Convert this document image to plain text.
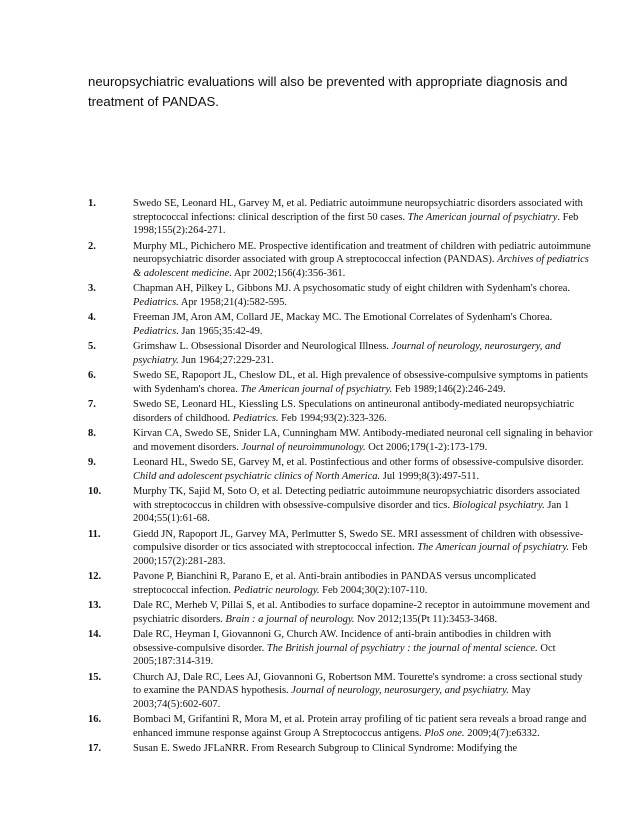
neuropsychiatric evaluations will also be prevented with appropriate diagnosis and treatment of PANDAS.

1.	Swedo SE, Leonard HL, Garvey M, et al. Pediatric autoimmune neuropsychiatric disorders associated with streptococcal infections: clinical description of the first 50 cases. The American journal of psychiatry. Feb 1998;155(2):264-271.
2.	Murphy ML, Pichichero ME. Prospective identification and treatment of children with pediatric autoimmune neuropsychiatric disorder associated with group A streptococcal infection (PANDAS). Archives of pediatrics & adolescent medicine. Apr 2002;156(4):356-361.
3.	Chapman AH, Pilkey L, Gibbons MJ. A psychosomatic study of eight children with Sydenham's chorea. Pediatrics. Apr 1958;21(4):582-595.
4.	Freeman JM, Aron AM, Collard JE, Mackay MC. The Emotional Correlates of Sydenham's Chorea. Pediatrics. Jan 1965;35:42-49.
5.	Grimshaw L. Obsessional Disorder and Neurological Illness. Journal of neurology, neurosurgery, and psychiatry. Jun 1964;27:229-231.
6.	Swedo SE, Rapoport JL, Cheslow DL, et al. High prevalence of obsessive-compulsive symptoms in patients with Sydenham's chorea. The American journal of psychiatry. Feb 1989;146(2):246-249.
7.	Swedo SE, Leonard HL, Kiessling LS. Speculations on antineuronal antibody-mediated neuropsychiatric disorders of childhood. Pediatrics. Feb 1994;93(2):323-326.
8.	Kirvan CA, Swedo SE, Snider LA, Cunningham MW. Antibody-mediated neuronal cell signaling in behavior and movement disorders. Journal of neuroimmunology. Oct 2006;179(1-2):173-179.
9.	Leonard HL, Swedo SE, Garvey M, et al. Postinfectious and other forms of obsessive-compulsive disorder. Child and adolescent psychiatric clinics of North America. Jul 1999;8(3):497-511.
10.	Murphy TK, Sajid M, Soto O, et al. Detecting pediatric autoimmune neuropsychiatric disorders associated with streptococcus in children with obsessive-compulsive disorder and tics. Biological psychiatry. Jan 1 2004;55(1):61-68.
11.	Giedd JN, Rapoport JL, Garvey MA, Perlmutter S, Swedo SE. MRI assessment of children with obsessive-compulsive disorder or tics associated with streptococcal infection. The American journal of psychiatry. Feb 2000;157(2):281-283.
12.	Pavone P, Bianchini R, Parano E, et al. Anti-brain antibodies in PANDAS versus uncomplicated streptococcal infection. Pediatric neurology. Feb 2004;30(2):107-110.
13.	Dale RC, Merheb V, Pillai S, et al. Antibodies to surface dopamine-2 receptor in autoimmune movement and psychiatric disorders. Brain : a journal of neurology. Nov 2012;135(Pt 11):3453-3468.
14.	Dale RC, Heyman I, Giovannoni G, Church AW. Incidence of anti-brain antibodies in children with obsessive-compulsive disorder. The British journal of psychiatry : the journal of mental science. Oct 2005;187:314-319.
15.	Church AJ, Dale RC, Lees AJ, Giovannoni G, Robertson MM. Tourette's syndrome: a cross sectional study to examine the PANDAS hypothesis. Journal of neurology, neurosurgery, and psychiatry. May 2003;74(5):602-607.
16.	Bombaci M, Grifantini R, Mora M, et al. Protein array profiling of tic patient sera reveals a broad range and enhanced immune response against Group A Streptococcus antigens. PloS one. 2009;4(7):e6332.
17.	Susan E. Swedo JFLaNRR. From Research Subgroup to Clinical Syndrome: Modifying the
